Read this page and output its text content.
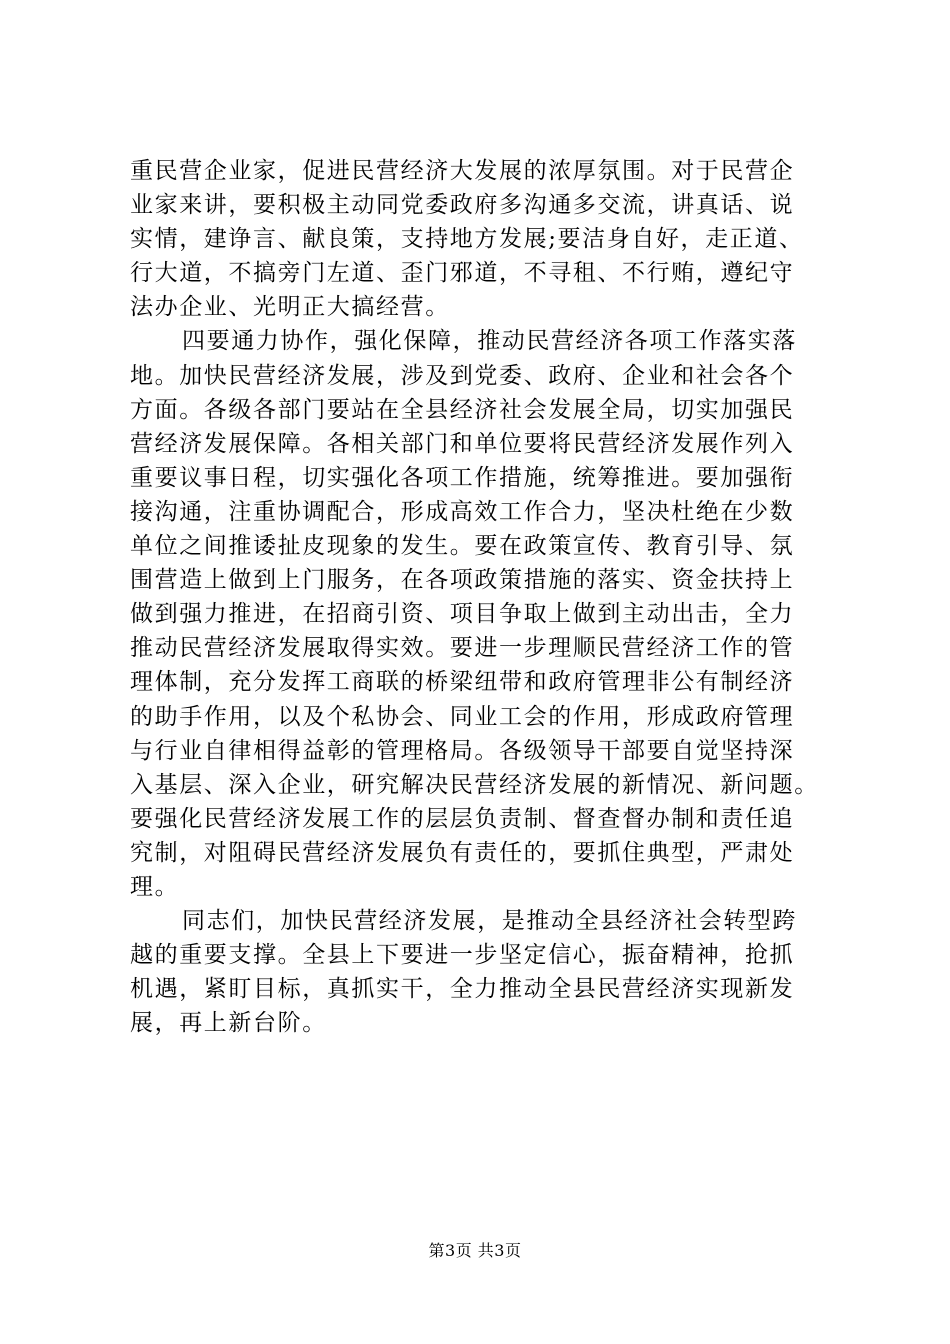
重民营企业家，促进民营经济大发展的浓厚氛围。对于民营企
业家来讲，要积极主动同党委政府多沟通多交流，讲真话、说
实情，建诤言、献良策，支持地方发展;要洁身自好，走正道、
行大道，不搞旁门左道、歪门邪道，不寻租、不行贿，遵纪守
法办企业、光明正大搞经营。

四要通力协作，强化保障，推动民营经济各项工作落实落
地。加快民营经济发展，涉及到党委、政府、企业和社会各个
方面。各级各部门要站在全县经济社会发展全局，切实加强民
营经济发展保障。各相关部门和单位要将民营经济发展作列入
重要议事日程，切实强化各项工作措施，统筹推进。要加强衔
接沟通，注重协调配合，形成高效工作合力，坚决杜绝在少数
单位之间推诿扯皮现象的发生。要在政策宣传、教育引导、氛
围营造上做到上门服务，在各项政策措施的落实、资金扶持上
做到强力推进，在招商引资、项目争取上做到主动出击，全力
推动民营经济发展取得实效。要进一步理顺民营经济工作的管
理体制，充分发挥工商联的桥梁纽带和政府管理非公有制经济
的助手作用，以及个私协会、同业工会的作用，形成政府管理
与行业自律相得益彰的管理格局。各级领导干部要自觉坚持深
入基层、深入企业，研究解决民营经济发展的新情况、新问题。
要强化民营经济发展工作的层层负责制、督查督办制和责任追
究制，对阻碍民营经济发展负有责任的，要抓住典型，严肃处
理。

同志们，加快民营经济发展，是推动全县经济社会转型跨
越的重要支撑。全县上下要进一步坚定信心，振奋精神，抢抓
机遇，紧盯目标，真抓实干，全力推动全县民营经济实现新发
展，再上新台阶。

第3页 共3页
